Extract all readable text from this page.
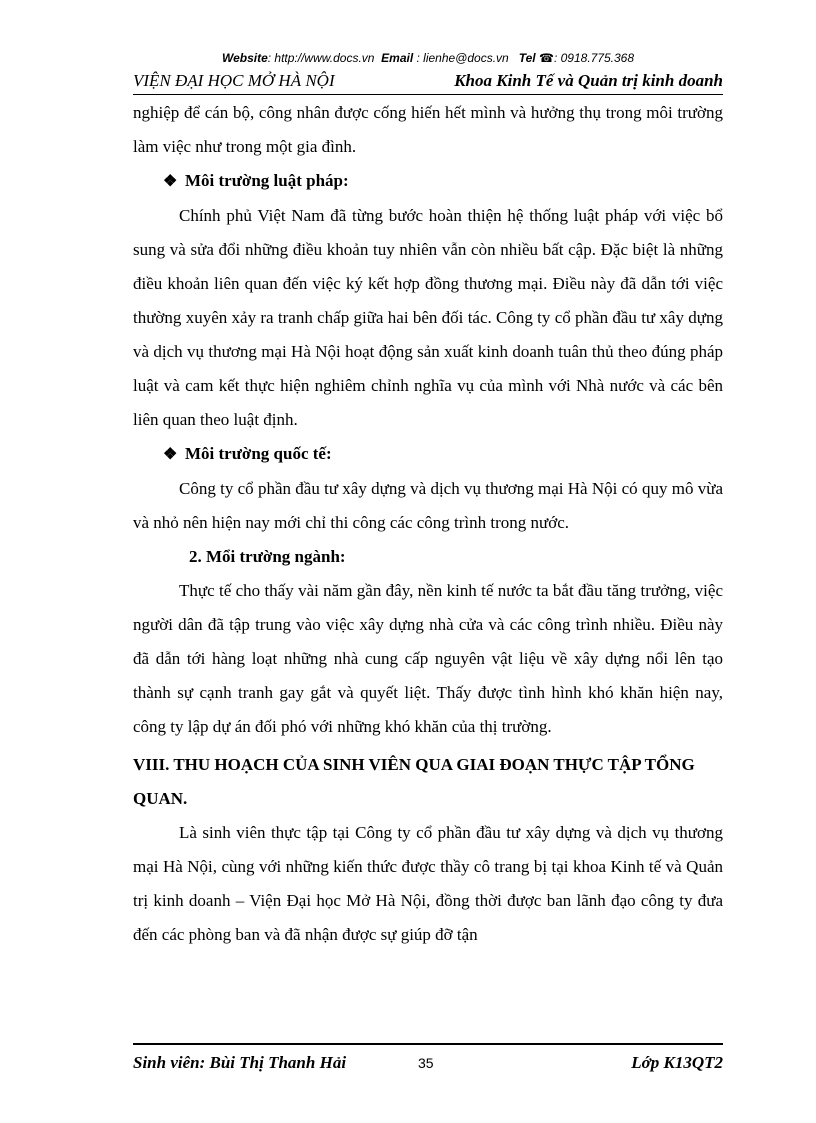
Website: http://www.docs.vn Email : lienhe@docs.vn Tel ☎: 0918.775.368
VIỆN ĐẠI HỌC MỞ HÀ NỘI	Khoa Kinh Tế và Quản trị kinh doanh

nghiệp để cán bộ, công nhân được cống hiến hết mình và hưởng thụ trong môi trường làm việc như trong một gia đình.

❖ Môi trường luật pháp:

Chính phủ Việt Nam đã từng bước hoàn thiện hệ thống luật pháp với việc bổ sung và sửa đổi những điều khoản tuy nhiên vẫn còn nhiều bất cập. Đặc biệt là những điều khoản liên quan đến việc ký kết hợp đồng thương mại. Điều này đã dẫn tới việc thường xuyên xảy ra tranh chấp giữa hai bên đối tác. Công ty cổ phần đầu tư xây dựng và dịch vụ thương mại Hà Nội hoạt động sản xuất kinh doanh tuân thủ theo đúng pháp luật và cam kết thực hiện nghiêm chỉnh nghĩa vụ của mình với Nhà nước và các bên liên quan theo luật định.

❖ Môi trường quốc tế:

Công ty cổ phần đầu tư xây dựng và dịch vụ thương mại Hà Nội có quy mô vừa và nhỏ nên hiện nay mới chỉ thi công các công trình trong nước.

2. Mổi trường ngành:

Thực tế cho thấy vài năm gần đây, nền kinh tế nước ta bắt đầu tăng trưởng, việc người dân đã tập trung vào việc xây dựng nhà cửa và các công trình nhiều. Điều này đã dẫn tới hàng loạt những nhà cung cấp nguyên vật liệu về xây dựng nổi lên tạo thành sự cạnh tranh gay gắt và quyết liệt. Thấy được tình hình khó khăn hiện nay, công ty lập dự án đối phó với những khó khăn của thị trường.

VIII. THU HOẠCH CỦA SINH VIÊN QUA GIAI ĐOẠN THỰC TẬP TỔNG QUAN.

Là sinh viên thực tập tại Công ty cổ phần đầu tư xây dựng và dịch vụ thương mại Hà Nội, cùng với những kiến thức được thầy cô trang bị tại khoa Kinh tế và Quản trị kinh doanh – Viện Đại học Mở Hà Nội, đồng thời được ban lãnh đạo công ty đưa đến các phòng ban và đã nhận được sự giúp đỡ tận

Sinh viên: Bùi Thị Thanh Hải	35	Lớp K13QT2
